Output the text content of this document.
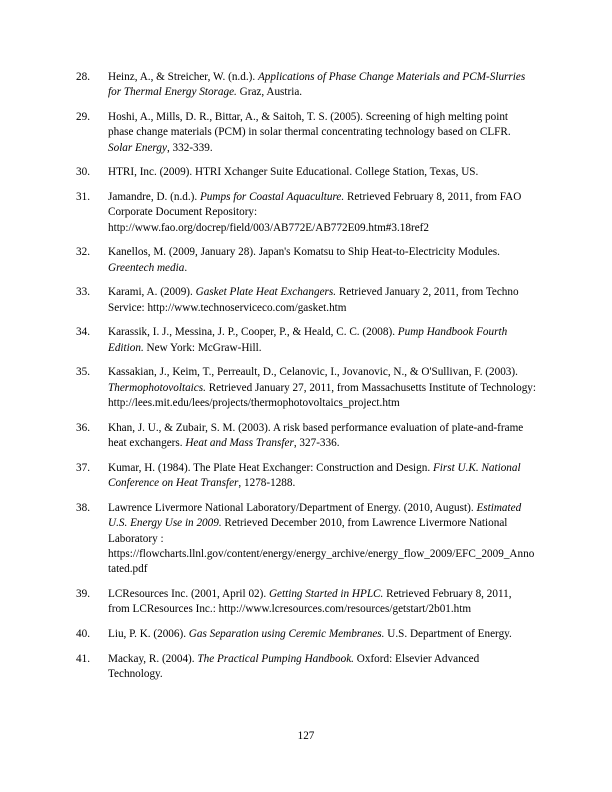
28.	Heinz, A., & Streicher, W. (n.d.). Applications of Phase Change Materials and PCM-Slurries for Thermal Energy Storage. Graz, Austria.
29.	Hoshi, A., Mills, D. R., Bittar, A., & Saitoh, T. S. (2005). Screening of high melting point phase change materials (PCM) in solar thermal concentrating technology based on CLFR. Solar Energy, 332-339.
30.	HTRI, Inc. (2009). HTRI Xchanger Suite Educational. College Station, Texas, US.
31.	Jamandre, D. (n.d.). Pumps for Coastal Aquaculture. Retrieved February 8, 2011, from FAO Corporate Document Repository: http://www.fao.org/docrep/field/003/AB772E/AB772E09.htm#3.18ref2
32.	Kanellos, M. (2009, January 28). Japan's Komatsu to Ship Heat-to-Electricity Modules. Greentech media.
33.	Karami, A. (2009). Gasket Plate Heat Exchangers. Retrieved January 2, 2011, from Techno Service: http://www.technoserviceco.com/gasket.htm
34.	Karassik, I. J., Messina, J. P., Cooper, P., & Heald, C. C. (2008). Pump Handbook Fourth Edition. New York: McGraw-Hill.
35.	Kassakian, J., Keim, T., Perreault, D., Celanovic, I., Jovanovic, N., & O'Sullivan, F. (2003). Thermophotovoltaics. Retrieved January 27, 2011, from Massachusetts Institute of Technology: http://lees.mit.edu/lees/projects/thermophotovoltaics_project.htm
36.	Khan, J. U., & Zubair, S. M. (2003). A risk based performance evaluation of plate-and-frame heat exchangers. Heat and Mass Transfer, 327-336.
37.	Kumar, H. (1984). The Plate Heat Exchanger: Construction and Design. First U.K. National Conference on Heat Transfer, 1278-1288.
38.	Lawrence Livermore National Laboratory/Department of Energy. (2010, August). Estimated U.S. Energy Use in 2009. Retrieved December 2010, from Lawrence Livermore National Laboratory : https://flowcharts.llnl.gov/content/energy/energy_archive/energy_flow_2009/EFC_2009_Annotated.pdf
39.	LCResources Inc. (2001, April 02). Getting Started in HPLC. Retrieved February 8, 2011, from LCResources Inc.: http://www.lcresources.com/resources/getstart/2b01.htm
40.	Liu, P. K. (2006). Gas Separation using Ceremic Membranes. U.S. Department of Energy.
41.	Mackay, R. (2004). The Practical Pumping Handbook. Oxford: Elsevier Advanced Technology.
127
